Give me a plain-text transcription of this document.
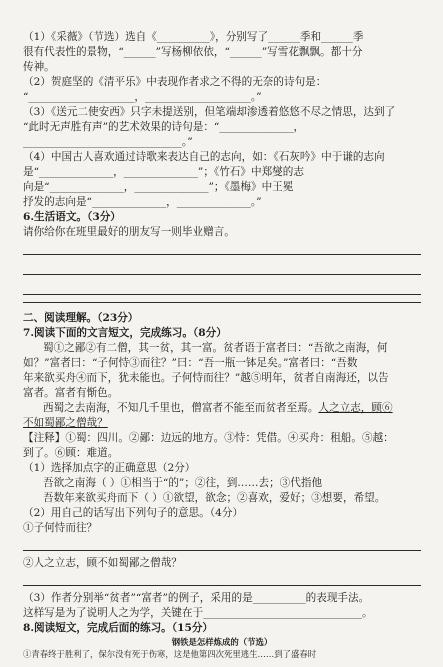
（1）《采薇》（节选）选自《__________》，分别写了______季和______季
很有代表性的景物，“______”写杨柳依依，“______”写雪花飘飘。都十分
传神。
（2）贺庭坚的《清平乐》中表现作者求之不得的无奈的诗句是：
“____________________，____________________。”
（3）《送元二使安西》只字未提送别，但笔端却渗透着悠悠不尽之情思，达到了
“此时无声胜有声”的艺术效果的诗句是：“______________，
______________________________。”
（4）中国古人喜欢通过诗歌来表达自己的志向，如：《石灰吟》中于谦的志向
是“______________，______________”；《竹石》中郑燮的志
向是“______________，______________”；《墨梅》中王冕
抒发的志向是“______________，______________。”
6.生活语文。（3分）
请你给你在班里最好的朋友写一则毕业赠言。
二、阅读理解。（23分）
7.阅读下面的文言短文，完成练习。（8分）
蜀①之鄙②有二僧，其一贫，其一富。贫者语于富者曰：“吾欲之南海，何
如？”富者曰：“子何恃③而往？”曰：“吾一瓶一钵足矣。”富者曰：“吾数
年来欲买舟④而下，犹未能也。子何恃而往？”越⑤明年，贫者自南海还，以告
富者。富者有惭色。
西蜀之去南海，不知几千里也，僧富者不能至而贫者至焉。人之立志，顾⑥
不如蜀鄙之僧哉？
【注释】①蜀：四川。②鄙：边远的地方。③恃：凭借。④买舟：租船。⑤越：
到了。⑥顾：难道。
（1）选择加点字的正确意思（2分）
吾欲之南海（ ）①相当于“的”；②往，到……去；③代指他
吾数年来欲买舟而下（ ）①欲望，欲念；②喜欢，爱好；③想要，希望。
（2）用自己的话写出下列句子的意思。（4分）
①子何恃而往？
②人之立志，顾不如蜀鄙之僧哉？
（3）作者分别举“贫者”“富者”的例子，采用的是__________的表现手法。
这样写是为了说明人之为学，关键在于______________________________。
8.阅读短文，完成后面的练习。（15分）
钢铁是怎样炼成的（节选）
①青春终于胜利了，保尔没有死于伤寒，这是他第四次死里逃生……到了盛春时
